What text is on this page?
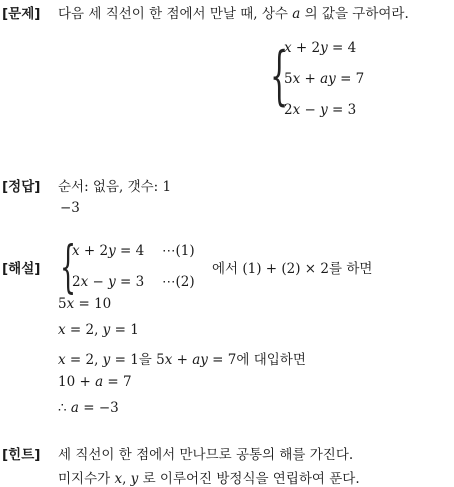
[문제] 다음 세 직선이 한 점에서 만날 때, 상수 𝑎 의 값을 구하여라.
{
𝑥 + 2𝑦 = 4
5𝑥 + 𝑎𝑦 = 7
2𝑥 − 𝑦 = 3
[정답] 순서: 없음, 갯수: 1
−3
[해설] {
𝑥 + 2𝑦 = 4 ⋯(1)
2𝑥 − 𝑦 = 3 ⋯(2)
에서 (1) + (2) × 2를 하면
5𝑥 = 10
𝑥 = 2, 𝑦 = 1
𝑥 = 2, 𝑦 = 1을 5𝑥 + 𝑎𝑦 = 7에 대입하면
10 + 𝑎 = 7
∴ 𝑎 = −3
[힌트] 세 직선이 한 점에서 만나므로 공통의 해를 가진다.
미지수가 𝑥, 𝑦 로 이루어진 방정식을 연립하여 푼다.
